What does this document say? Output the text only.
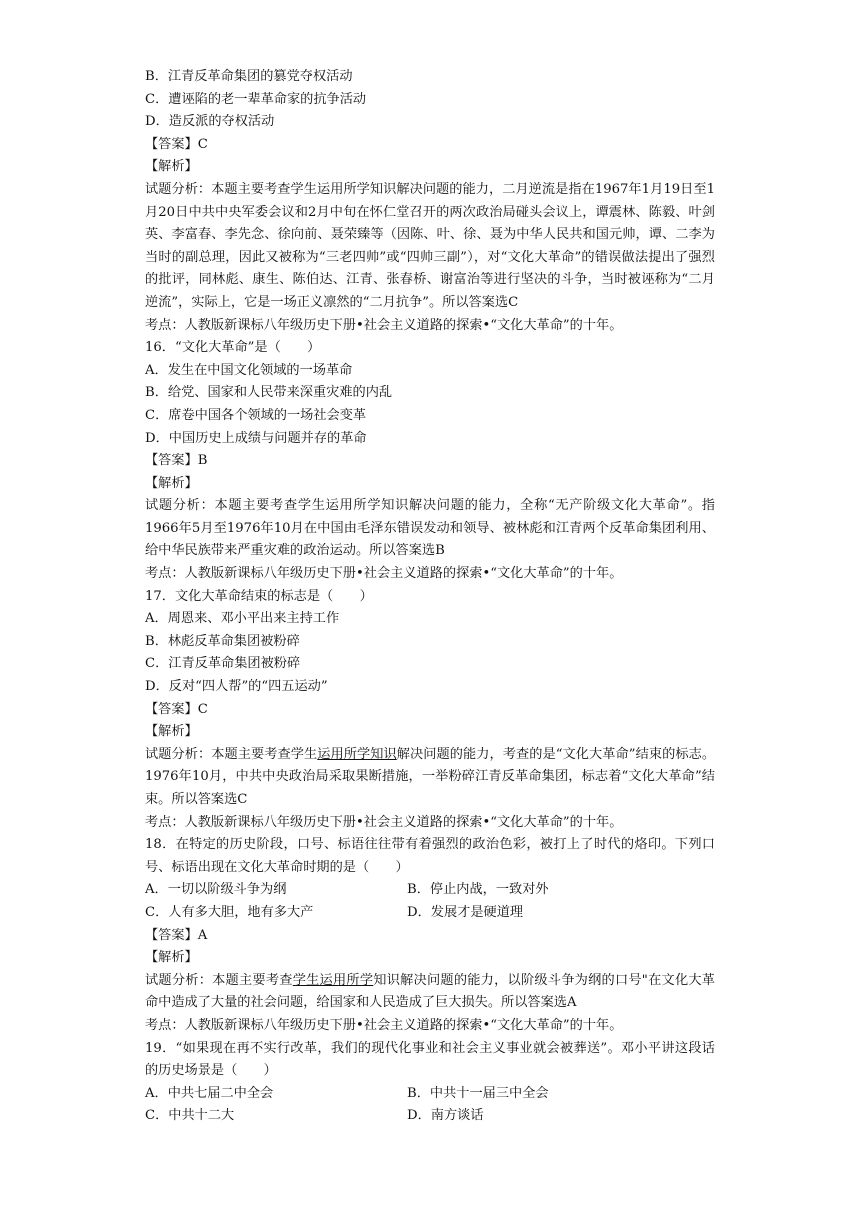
B．江青反革命集团的篡党夺权活动
C．遭诬陷的老一辈革命家的抗争活动
D．造反派的夺权活动
【答案】C
【解析】
试题分析：本题主要考查学生运用所学知识解决问题的能力，二月逆流是指在1967年1月19日至1月20日中共中央军委会议和2月中旬在怀仁堂召开的两次政治局碰头会议上，谭震林、陈毅、叶剑英、李富春、李先念、徐向前、聂荣臻等（因陈、叶、徐、聂为中华人民共和国元帅，谭、二李为当时的副总理，因此又被称为“三老四帅”或“四帅三副”），对“文化大革命”的错误做法提出了强烈的批评，同林彪、康生、陈伯达、江青、张春桥、谢富治等进行坚决的斗争，当时被诬称为“二月逆流”，实际上，它是一场正义凛然的“二月抗争”。所以答案选C
考点：人教版新课标八年级历史下册•社会主义道路的探索•“文化大革命”的十年。
16．“文化大革命”是（　　）
A．发生在中国文化领域的一场革命
B．给党、国家和人民带来深重灾难的内乱
C．席卷中国各个领域的一场社会变革
D．中国历史上成绩与问题并存的革命
【答案】B
【解析】
试题分析：本题主要考查学生运用所学知识解决问题的能力，全称“无产阶级文化大革命”。指1966年5月至1976年10月在中国由毛泽东错误发动和领导、被林彪和江青两个反革命集团利用、给中华民族带来严重灾难的政治运动。所以答案选B
考点：人教版新课标八年级历史下册•社会主义道路的探索•“文化大革命”的十年。
17．文化大革命结束的标志是（　　）
A．周恩来、邓小平出来主持工作
B．林彪反革命集团被粉碎
C．江青反革命集团被粉碎
D．反对“四人帮”的“四五运动”
【答案】C
【解析】
试题分析：本题主要考查学生运用所学知识解决问题的能力，考查的是“文化大革命”结束的标志。1976年10月，中共中央政治局采取果断措施，一举粉碎江青反革命集团，标志着“文化大革命”结束。所以答案选C
考点：人教版新课标八年级历史下册•社会主义道路的探索•“文化大革命”的十年。
18．在特定的历史阶段，口号、标语往往带有着强烈的政治色彩，被打上了时代的烙印。下列口号、标语出现在文化大革命时期的是（　　）
A．一切以阶级斗争为纲	B．停止内战，一致对外
C．人有多大胆，地有多大产	D．发展才是硬道理
【答案】A
【解析】
试题分析：本题主要考查学生运用所学知识解决问题的能力，以阶级斗争为纲的口号"在文化大革命中造成了大量的社会问题，给国家和人民造成了巨大损失。所以答案选A
考点：人教版新课标八年级历史下册•社会主义道路的探索•“文化大革命”的十年。
19．“如果现在再不实行改革，我们的现代化事业和社会主义事业就会被葬送”。邓小平讲这段话的历史场景是（　　）
A．中共七届二中全会	B．中共十一届三中全会
C．中共十二大	D．南方谈话
